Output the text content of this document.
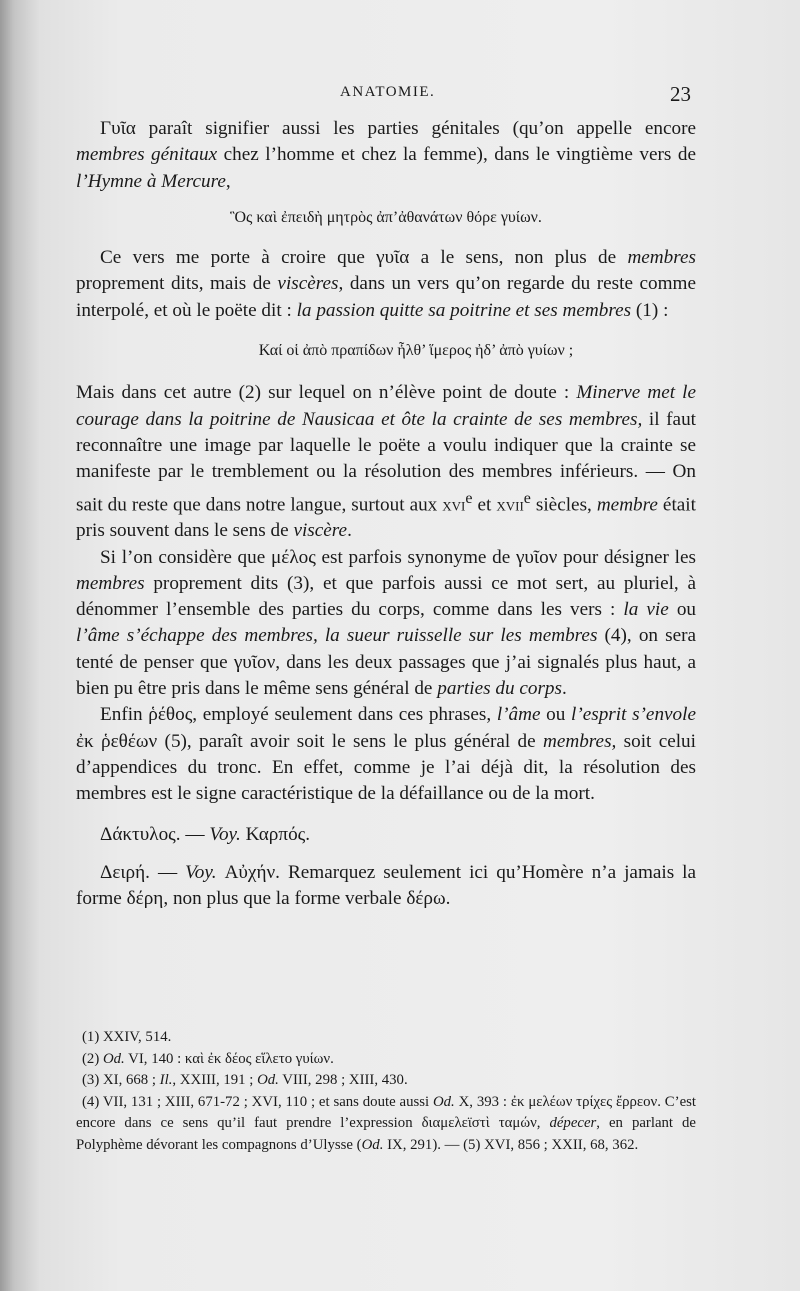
ANATOMIE.	23

Γυῖα paraît signifier aussi les parties génitales (qu’on appelle encore membres génitaux chez l’homme et chez la femme), dans le vingtième vers de l’Hymne à Mercure,

Ὃς καὶ ἐπειδὴ μητρὸς ἀπ’ἀθανάτων θόρε γυίων.

Ce vers me porte à croire que γυῖα a le sens, non plus de membres proprement dits, mais de viscères, dans un vers qu’on regarde du reste comme interpolé, et où le poëte dit : la passion quitte sa poitrine et ses membres (1) :

Καί οἱ ἀπὸ πραπίδων ἦλθ’ ἵμερος ἠδ’ ἀπὸ γυίων ;

Mais dans cet autre (2) sur lequel on n’élève point de doute : Minerve met le courage dans la poitrine de Nausicaa et ôte la crainte de ses membres, il faut reconnaître une image par laquelle le poëte a voulu indiquer que la crainte se manifeste par le tremblement ou la résolution des membres inférieurs. — On sait du reste que dans notre langue, surtout aux xvi$^e$ et xvii$^e$ siècles, membre était pris souvent dans le sens de viscère.

Si l’on considère que μέλος est parfois synonyme de γυῖον pour désigner les membres proprement dits (3), et que parfois aussi ce mot sert, au pluriel, à dénommer l’ensemble des parties du corps, comme dans les vers : la vie ou l’âme s’échappe des membres, la sueur ruisselle sur les membres (4), on sera tenté de penser que γυῖον, dans les deux passages que j’ai signalés plus haut, a bien pu être pris dans le même sens général de parties du corps.

Enfin ῥέθος, employé seulement dans ces phrases, l’âme ou l’esprit s’envole ἐκ ῥεθέων (5), paraît avoir soit le sens le plus général de membres, soit celui d’appendices du tronc. En effet, comme je l’ai déjà dit, la résolution des membres est le signe caractéristique de la défaillance ou de la mort.

Δάκτυλος. — Voy. Καρπός.

Δειρή. — Voy. Αὐχήν. Remarquez seulement ici qu’Homère n’a jamais la forme δέρη, non plus que la forme verbale δέρω.

(1) XXIV, 514.

(2) Od. VI, 140 : καὶ ἐκ δέος εἵλετο γυίων.

(3) XI, 668 ; Il., XXIII, 191 ; Od. VIII, 298 ; XIII, 430.

(4) VII, 131 ; XIII, 671-72 ; XVI, 110 ; et sans doute aussi Od. X, 393 : ἐκ μελέων τρίχες ἔρρεον. C’est encore dans ce sens qu’il faut prendre l’expression διαμελεϊστὶ ταμών, dépecer, en parlant de Polyphème dévorant les compagnons d’Ulysse (Od. IX, 291). — (5) XVI, 856 ; XXII, 68, 362.
